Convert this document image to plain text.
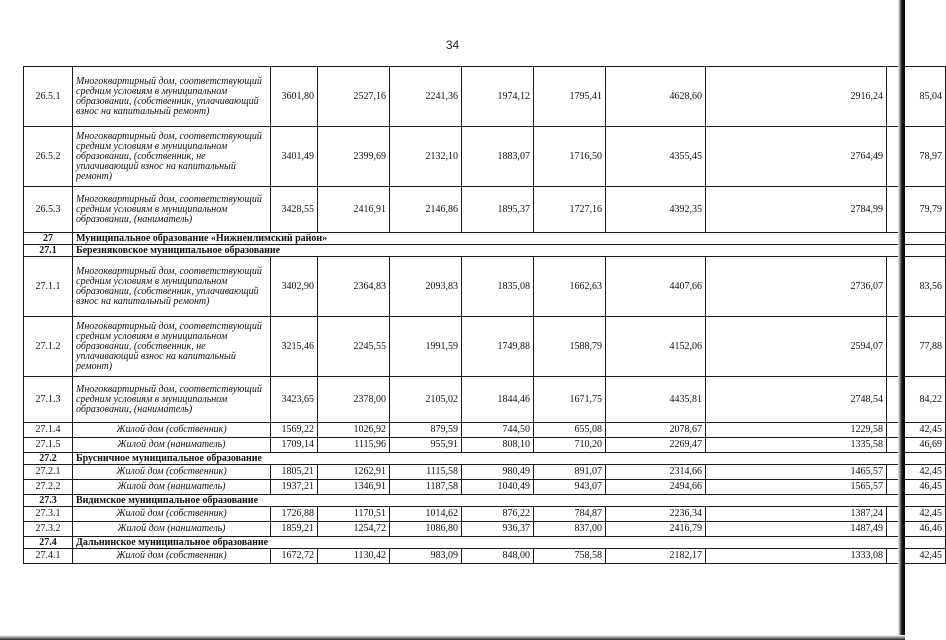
34
26.5.1	Многоквартирный дом, соответствующий средним условиям в муниципальном образовании, (собственник, уплачивающий взнос на капитальный ремонт)	3601,80	2527,16	2241,36	1974,12	1795,41	4628,60	2916,24	85,04
26.5.2	Многоквартирный дом, соответствующий средним условиям в муниципальном образовании, (собственник, не уплачивающий взнос на капитальный ремонт)	3401,49	2399,69	2132,10	1883,07	1716,50	4355,45	2764,49	78,97
26.5.3	Многоквартирный дом, соответствующий средним условиям в муниципальном образовании, (наниматель)	3428,55	2416,91	2146,86	1895,37	1727,16	4392,35	2784,99	79,79
27	Муниципальное образование «Нижнеилимский район»								
27.1	Березняковское муниципальное образование								
27.1.1	Многоквартирный дом, соответствующий средним условиям в муниципальном образовании, (собственник, уплачивающий взнос на капитальный ремонт)	3402,90	2364,83	2093,83	1835,08	1662,63	4407,66	2736,07	83,56
27.1.2	Многоквартирный дом, соответствующий средним условиям в муниципальном образовании, (собственник, не уплачивающий взнос на капитальный ремонт)	3215,46	2245,55	1991,59	1749,88	1588,79	4152,06	2594,07	77,88
27.1.3	Многоквартирный дом, соответствующий средним условиям в муниципальном образовании, (наниматель)	3423,65	2378,00	2105,02	1844,46	1671,75	4435,81	2748,54	84,22
27.1.4	Жилой дом (собственник)	1569,22	1026,92	879,59	744,50	655,08	2078,67	1229,58	42,45
27.1.5	Жилой дом (наниматель)	1709,14	1115,96	955,91	808,10	710,20	2269,47	1335,58	46,69
27.2	Брусничное муниципальное образование								
27.2.1	Жилой дом (собственник)	1805,21	1262,91	1115,58	980,49	891,07	2314,66	1465,57	42,45
27.2.2	Жилой дом (наниматель)	1937,21	1346,91	1187,58	1040,49	943,07	2494,66	1565,57	46,45
27.3	Видимское муниципальное образование								
27.3.1	Жилой дом (собственник)	1726,88	1170,51	1014,62	876,22	784,87	2236,34	1387,24	42,45
27.3.2	Жилой дом (наниматель)	1859,21	1254,72	1086,80	936,37	837,00	2416,79	1487,49	46,46
27.4	Дальнинское муниципальное образование								
27.4.1	Жилой дом (собственник)	1672,72	1130,42	983,09	848,00	758,58	2182,17	1333,08	42,45
